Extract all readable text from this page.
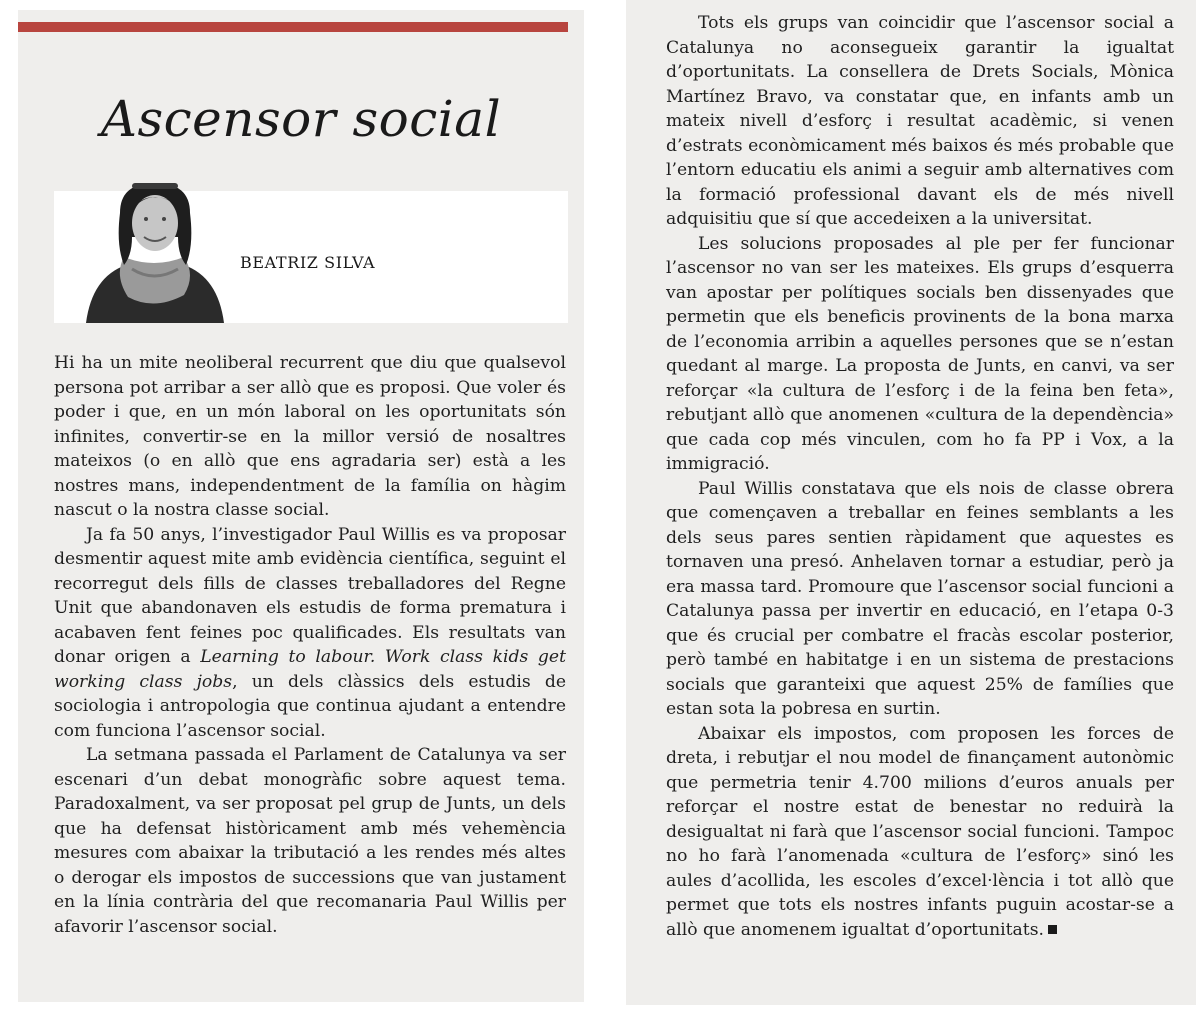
Ascensor social
BEATRIZ SILVA

Hi ha un mite neoliberal recurrent que diu que qualsevol persona pot arribar a ser allò que es proposi. Que voler és poder i que, en un món laboral on les oportunitats són infinites, convertir-se en la millor versió de nosaltres mateixos (o en allò que ens agradaria ser) està a les nostres mans, independentment de la família on hàgim nascut o la nostra classe social.

Ja fa 50 anys, l’investigador Paul Willis es va proposar desmentir aquest mite amb evidència científica, seguint el recorregut dels fills de classes treballadores del Regne Unit que abandonaven els estudis de forma prematura i acabaven fent feines poc qualificades. Els resultats van donar origen a Learning to labour. Work class kids get working class jobs, un dels clàssics dels estudis de sociologia i antropologia que continua ajudant a entendre com funciona l’ascensor social.

La setmana passada el Parlament de Catalunya va ser escenari d’un debat monogràfic sobre aquest tema. Paradoxalment, va ser proposat pel grup de Junts, un dels que ha defensat històricament amb més vehemència mesures com abaixar la tributació a les rendes més altes o derogar els impostos de successions que van justament en la línia contrària del que recomanaria Paul Willis per afavorir l’ascensor social.

Tots els grups van coincidir que l’ascensor social a Catalunya no aconsegueix garantir la igualtat d’oportunitats. La consellera de Drets Socials, Mònica Martínez Bravo, va constatar que, en infants amb un mateix nivell d’esforç i resultat acadèmic, si venen d’estrats econòmicament més baixos és més probable que l’entorn educatiu els animi a seguir amb alternatives com la formació professional davant els de més nivell adquisitiu que sí que accedeixen a la universitat.

Les solucions proposades al ple per fer funcionar l’ascensor no van ser les mateixes. Els grups d’esquerra van apostar per polítiques socials ben dissenyades que permetin que els beneficis provinents de la bona marxa de l’economia arribin a aquelles persones que se n’estan quedant al marge. La proposta de Junts, en canvi, va ser reforçar «la cultura de l’esforç i de la feina ben feta», rebutjant allò que anomenen «cultura de la dependència» que cada cop més vinculen, com ho fa PP i Vox, a la immigració.

Paul Willis constatava que els nois de classe obrera que començaven a treballar en feines semblants a les dels seus pares sentien ràpidament que aquestes es tornaven una presó. Anhelaven tornar a estudiar, però ja era massa tard. Promoure que l’ascensor social funcioni a Catalunya passa per invertir en educació, en l’etapa 0-3 que és crucial per combatre el fracàs escolar posterior, però també en habitatge i en un sistema de prestacions socials que garanteixi que aquest 25% de famílies que estan sota la pobresa en surtin.

Abaixar els impostos, com proposen les forces de dreta, i rebutjar el nou model de finançament autonòmic que permetria tenir 4.700 milions d’euros anuals per reforçar el nostre estat de benestar no reduirà la desigualtat ni farà que l’ascensor social funcioni. Tampoc no ho farà l’anomenada «cultura de l’esforç» sinó les aules d’acollida, les escoles d’excel·lència i tot allò que permet que tots els nostres infants puguin acostar-se a allò que anomenem igualtat d’oportunitats.
